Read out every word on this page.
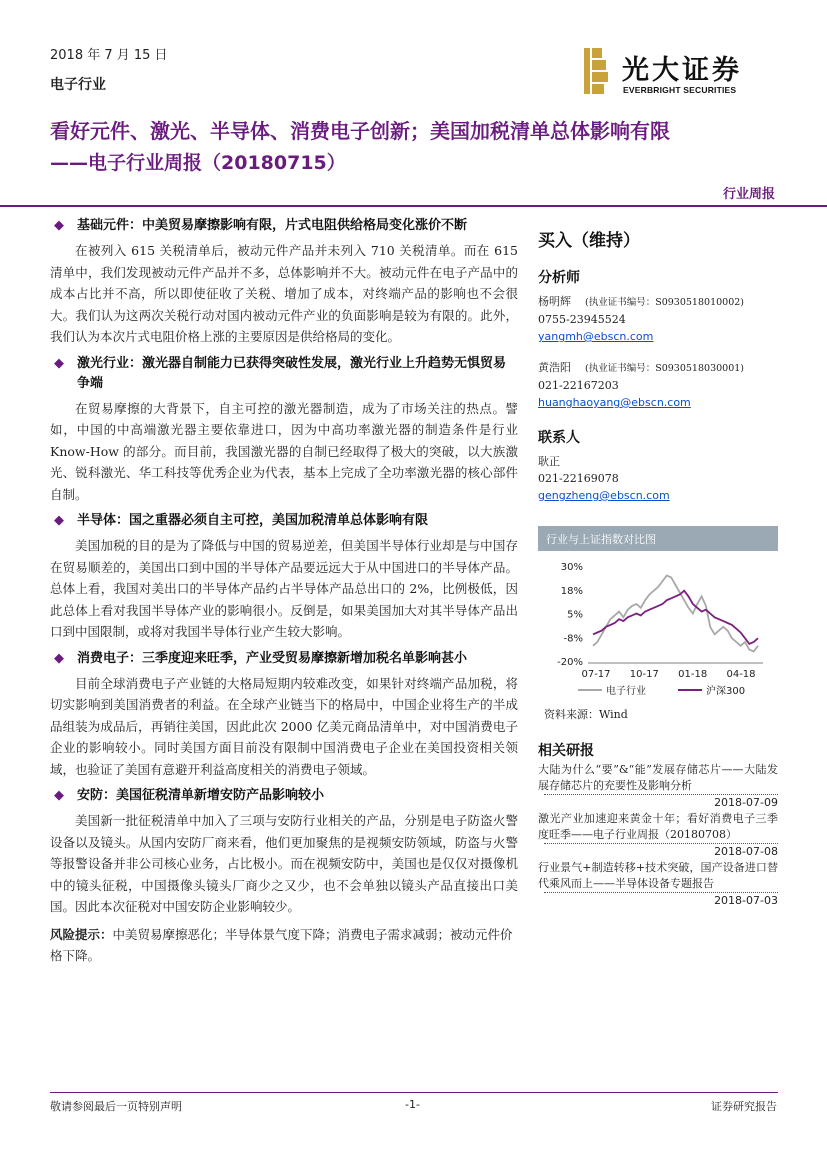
2018 年 7 月 15 日
电子行业	光大证券
EVERBRIGHT SECURITIES
看好元件、激光、半导体、消费电子创新；美国加税清单总体影响有限
——电子行业周报（20180715）
行业周报
◆ 基础元件：中美贸易摩擦影响有限，片式电阻供给格局变化涨价不断

在被列入 615 关税清单后，被动元件产品并未列入 710 关税清单。而在 615 清单中，我们发现被动元件产品并不多，总体影响并不大。被动元件在电子产品中的成本占比并不高，所以即使征收了关税、增加了成本，对终端产品的影响也不会很大。我们认为这两次关税行动对国内被动元件产业的负面影响是较为有限的。此外，我们认为本次片式电阻价格上涨的主要原因是供给格局的变化。

◆ 激光行业：激光器自制能力已获得突破性发展，激光行业上升趋势无惧贸易争端

在贸易摩擦的大背景下，自主可控的激光器制造，成为了市场关注的热点。譬如，中国的中高端激光器主要依靠进口，因为中高功率激光器的制造条件是行业 Know-How 的部分。而目前，我国激光器的自制已经取得了极大的突破，以大族激光、锐科激光、华工科技等优秀企业为代表，基本上完成了全功率激光器的核心部件自制。

◆ 半导体：国之重器必须自主可控，美国加税清单总体影响有限

美国加税的目的是为了降低与中国的贸易逆差，但美国半导体行业却是与中国存在贸易顺差的，美国出口到中国的半导体产品要远远大于从中国进口的半导体产品。总体上看，我国对美出口的半导体产品约占半导体产品总出口的 2%，比例极低，因此总体上看对我国半导体产业的影响很小。反倒是，如果美国加大对其半导体产品出口到中国限制，或将对我国半导体行业产生较大影响。

◆ 消费电子：三季度迎来旺季，产业受贸易摩擦新增加税名单影响甚小

目前全球消费电子产业链的大格局短期内较难改变，如果针对终端产品加税，将切实影响到美国消费者的利益。在全球产业链当下的格局中，中国企业将生产的半成品组装为成品后，再销往美国，因此此次 2000 亿美元商品清单中，对中国消费电子企业的影响较小。同时美国方面目前没有限制中国消费电子企业在美国投资相关领域，也验证了美国有意避开利益高度相关的消费电子领域。

◆ 安防：美国征税清单新增安防产品影响较小

美国新一批征税清单中加入了三项与安防行业相关的产品，分别是电子防盗火警设备以及镜头。从国内安防厂商来看，他们更加聚焦的是视频安防领域，防盗与火警等报警设备并非公司核心业务，占比极小。而在视频安防中，美国也是仅仅对摄像机中的镜头征税，中国摄像头镜头厂商少之又少，也不会单独以镜头产品直接出口美国。因此本次征税对中国安防企业影响较少。

风险提示：中美贸易摩擦恶化；半导体景气度下降；消费电子需求减弱；被动元件价格下降。

买入（维持）
分析师
杨明辉 (执业证书编号：S0930518010002)
0755-23945524
yangmh@ebscn.com
黄浩阳 (执业证书编号：S0930518030001)
021-22167203
huanghaoyang@ebscn.com
联系人
耿正
021-22169078
gengzheng@ebscn.com
行业与上证指数对比图
30%
18%
5%
-8%
-20%
07-17 10-17 01-18 04-18
电子行业	沪深300
资料来源：Wind
相关研报
大陆为什么“要”&“能”发展存储芯片——大陆发展存储芯片的充要性及影响分析
2018-07-09
激光产业加速迎来黄金十年；看好消费电子三季度旺季——电子行业周报（20180708）
2018-07-08
行业景气+制造转移+技术突破，国产设备进口替代乘风而上——半导体设备专题报告
2018-07-03
敬请参阅最后一页特别声明	-1-	证券研究报告
